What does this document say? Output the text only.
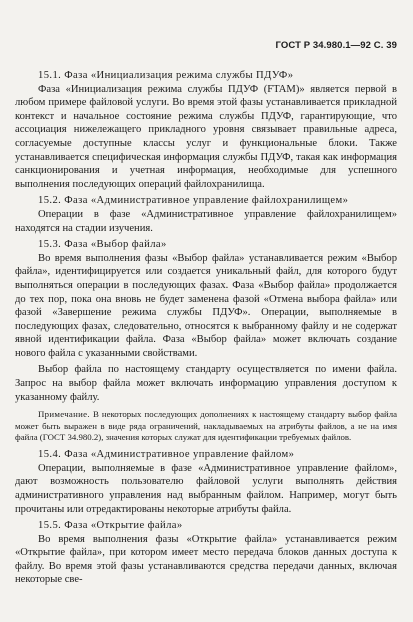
ГОСТ Р 34.980.1—92 С. 39

15.1. Фаза «Инициализация режима службы ПДУФ»

Фаза «Инициализация режима службы ПДУФ (FTAM)» является первой в любом примере файловой услуги. Во время этой фазы устанавливается прикладной контекст и начальное состояние режима службы ПДУФ, гарантирующие, что ассоциация нижележащего прикладного уровня связывает правильные адреса, согласуемые доступные классы услуг и функциональные блоки. Также устанавливается специфическая информация службы ПДУФ, такая как информация санкционирования и учетная информация, необходимые для успешного выполнения последующих операций файлохранилища.

15.2. Фаза «Административное управление файлохранилищем»

Операции в фазе «Административное управление файлохранилищем» находятся на стадии изучения.

15.3. Фаза «Выбор файла»

Во время выполнения фазы «Выбор файла» устанавливается режим «Выбор файла», идентифицируется или создается уникальный файл, для которого будут выполняться операции в последующих фазах. Фаза «Выбор файла» продолжается до тех пор, пока она вновь не будет заменена фазой «Отмена выбора файла» или фазой «Завершение режима службы ПДУФ». Операции, выполняемые в последующих фазах, следовательно, относятся к выбранному файлу и не содержат явной идентификации файла. Фаза «Выбор файла» может включать создание нового файла с указанными свойствами.

Выбор файла по настоящему стандарту осуществляется по имени файла. Запрос на выбор файла может включать информацию управления доступом к указанному файлу.

Примечание. В некоторых последующих дополнениях к настоящему стандарту выбор файла может быть выражен в виде ряда ограничений, накладываемых на атрибуты файлов, а не на имя файла (ГОСТ 34.980.2), значения которых служат для идентификации требуемых файлов.

15.4. Фаза «Административное управление файлом»

Операции, выполняемые в фазе «Административное управление файлом», дают возможность пользователю файловой услуги выполнять действия административного управления над выбранным файлом. Например, могут быть прочитаны или отредактированы некоторые атрибуты файла.

15.5. Фаза «Открытие файла»

Во время выполнения фазы «Открытие файла» устанавливается режим «Открытие файла», при котором имеет место передача блоков данных доступа к файлу. Во время этой фазы устанавливаются средства передачи данных, включая некоторые све-
